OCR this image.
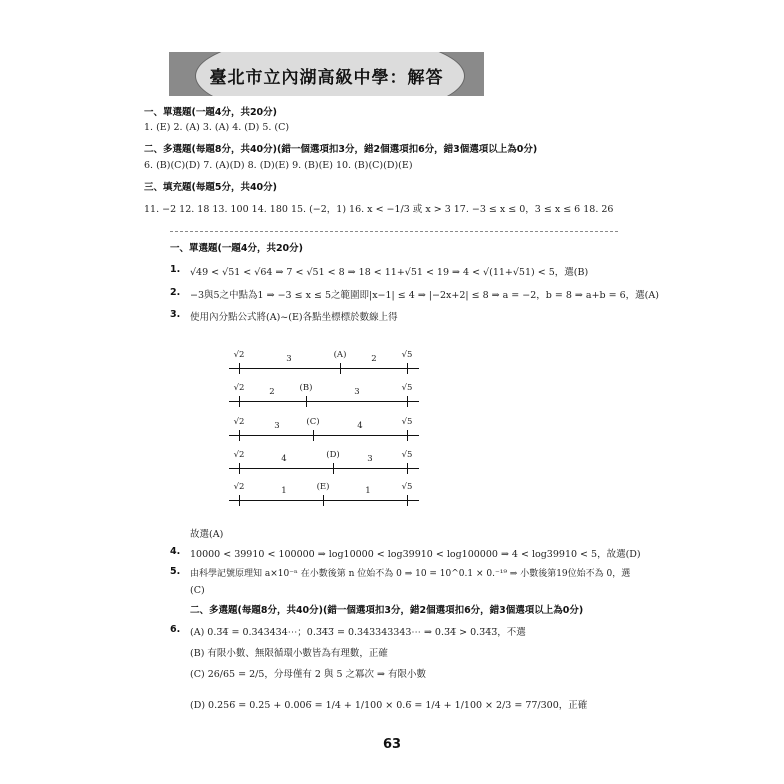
臺北市立內湖高級中學：解答
一、單選題(一題4分，共20分)
1. (E) 2. (A) 3. (A) 4. (D) 5. (C)
二、多選題(每題8分，共40分)(錯一個選項扣3分，錯2個選項扣6分，錯3個選項以上為0分)
6. (B)(C)(D) 7. (A)(D) 8. (D)(E) 9. (B)(E) 10. (B)(C)(D)(E)
三、填充題(每題5分，共40分)
11. −2 12. 18 13. 100 14. 180 15. (−2，1) 16. x < −1/3 或 x > 3 17. −3 ≤ x ≤ 0，3 ≤ x ≤ 6 18. 26
一、單選題(一題4分，共20分)
1. √49 < √51 < √64 ⇒ 7 < √51 < 8 ⇒ 18 < 11+√51 < 19 ⇒ 4 < √(11+√51) < 5，選(B)
2. −3與5之中點為1 ⇒ −3 ≤ x ≤ 5之範圍即|x−1| ≤ 4 ⇒ |−2x+2| ≤ 8 ⇒ a = −2，b = 8 ⇒ a+b = 6，選(A)
3. 使用內分點公式將(A)~(E)各點坐標標於數線上得
√2	(A)	√5
3	2
√2	(B)	√5
2	3
√2	(C)	√5
3	4
√2	(D)	√5
4	3
√2	(E)	√5
1	1
故選(A)
4. 10000 < 39910 < 100000 ⇒ log10000 < log39910 < log100000 ⇒ 4 < log39910 < 5，故選(D)
5. 由科學記號原理知 a×10⁻ⁿ 在小數後第 n 位始不為 0 ⇒ 10 = 10^0.1 × 0.⁻¹⁹ ⇒ 小數後第19位始不為 0，選
(C)
二、多選題(每題8分，共40分)(錯一個選項扣3分，錯2個選項扣6分，錯3個選項以上為0分)
6. (A) 0.3̅4̅ = 0.343434⋯；0.3̅4̅3̅ = 0.343343343⋯ ⇒ 0.3̅4̅ > 0.3̅4̅3̅，不選
(B) 有限小數、無限循環小數皆為有理數，正確
(C) 26/65 = 2/5，分母僅有 2 與 5 之冪次 ⇒ 有限小數
(D) 0.256̅ = 0.25 + 0.006̅ = 1/4 + 1/100 × 0.6̅ = 1/4 + 1/100 × 2/3 = 77/300，正確
63
